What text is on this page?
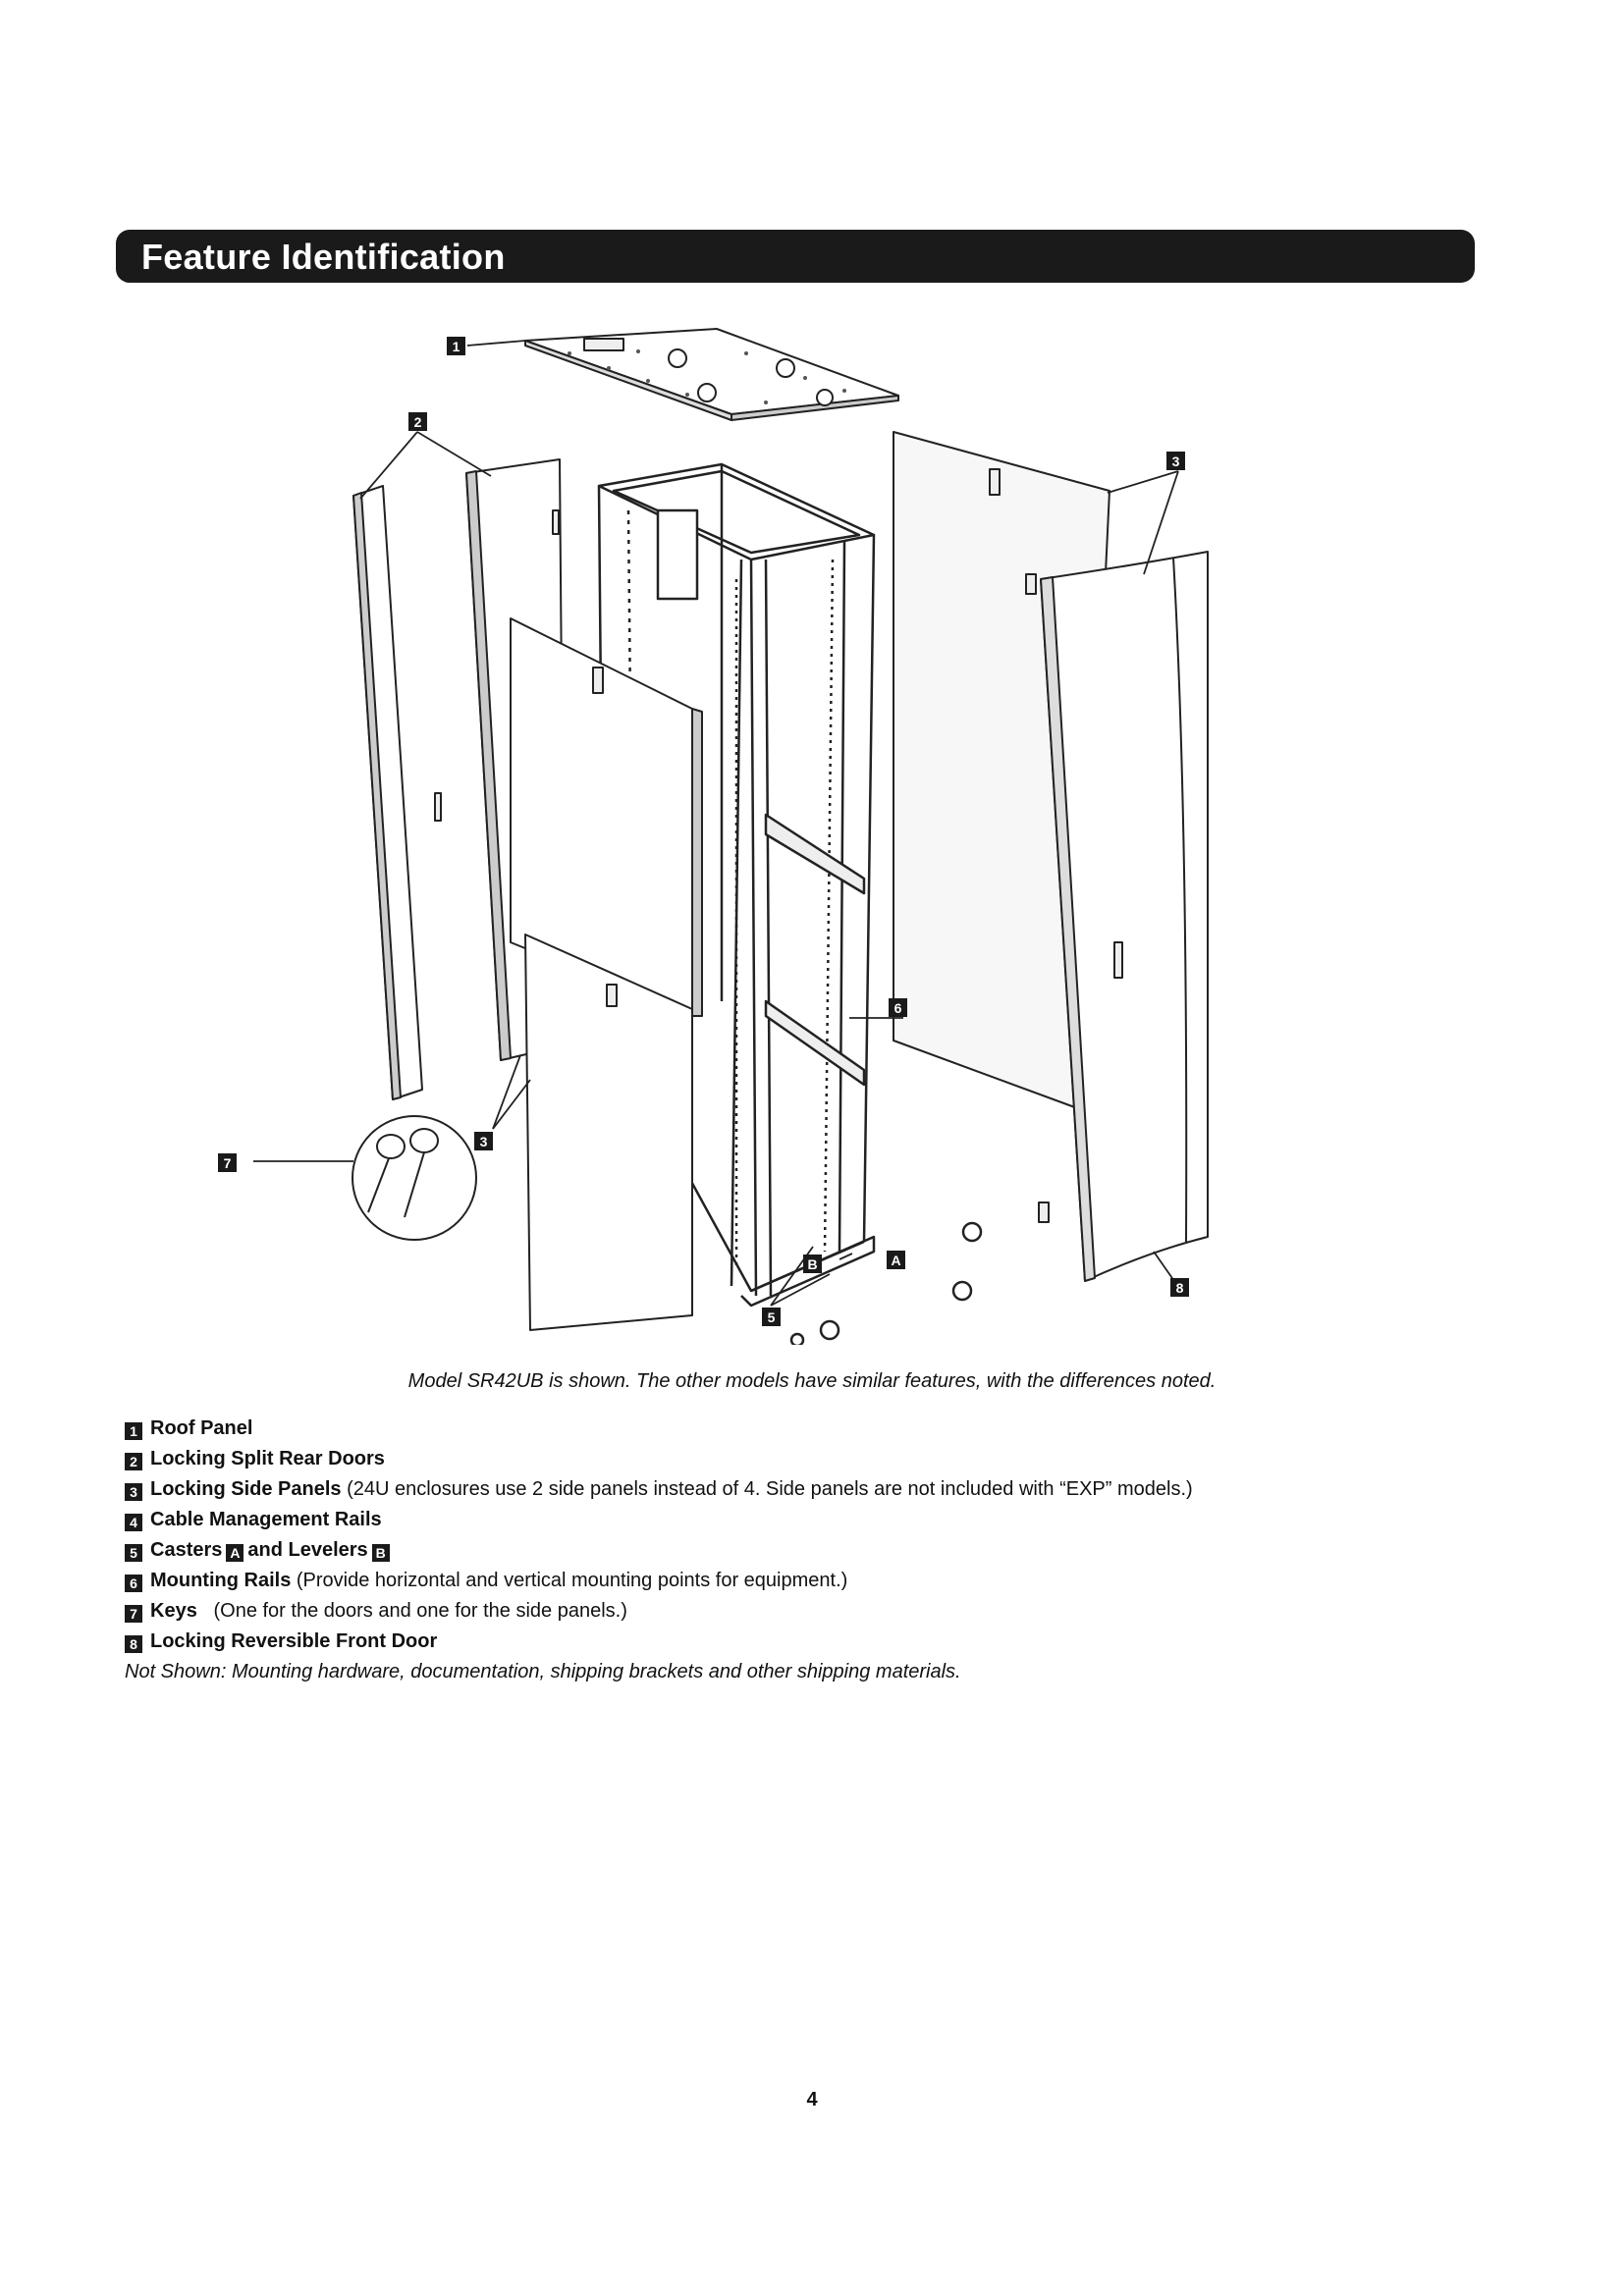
Feature Identification
1
2
3
3
5
6
7
8
A
B
Model SR42UB is shown. The other models have similar features, with the differences noted.
1 Roof Panel
2 Locking Split Rear Doors
3 Locking Side Panels (24U enclosures use 2 side panels instead of 4. Side panels are not included with “EXP” models.)
4 Cable Management Rails
5 Casters A and Levelers B
6 Mounting Rails (Provide horizontal and vertical mounting points for equipment.)
7 Keys   (One for the doors and one for the side panels.)
8 Locking Reversible Front Door
Not Shown: Mounting hardware, documentation, shipping brackets and other shipping materials.
4
